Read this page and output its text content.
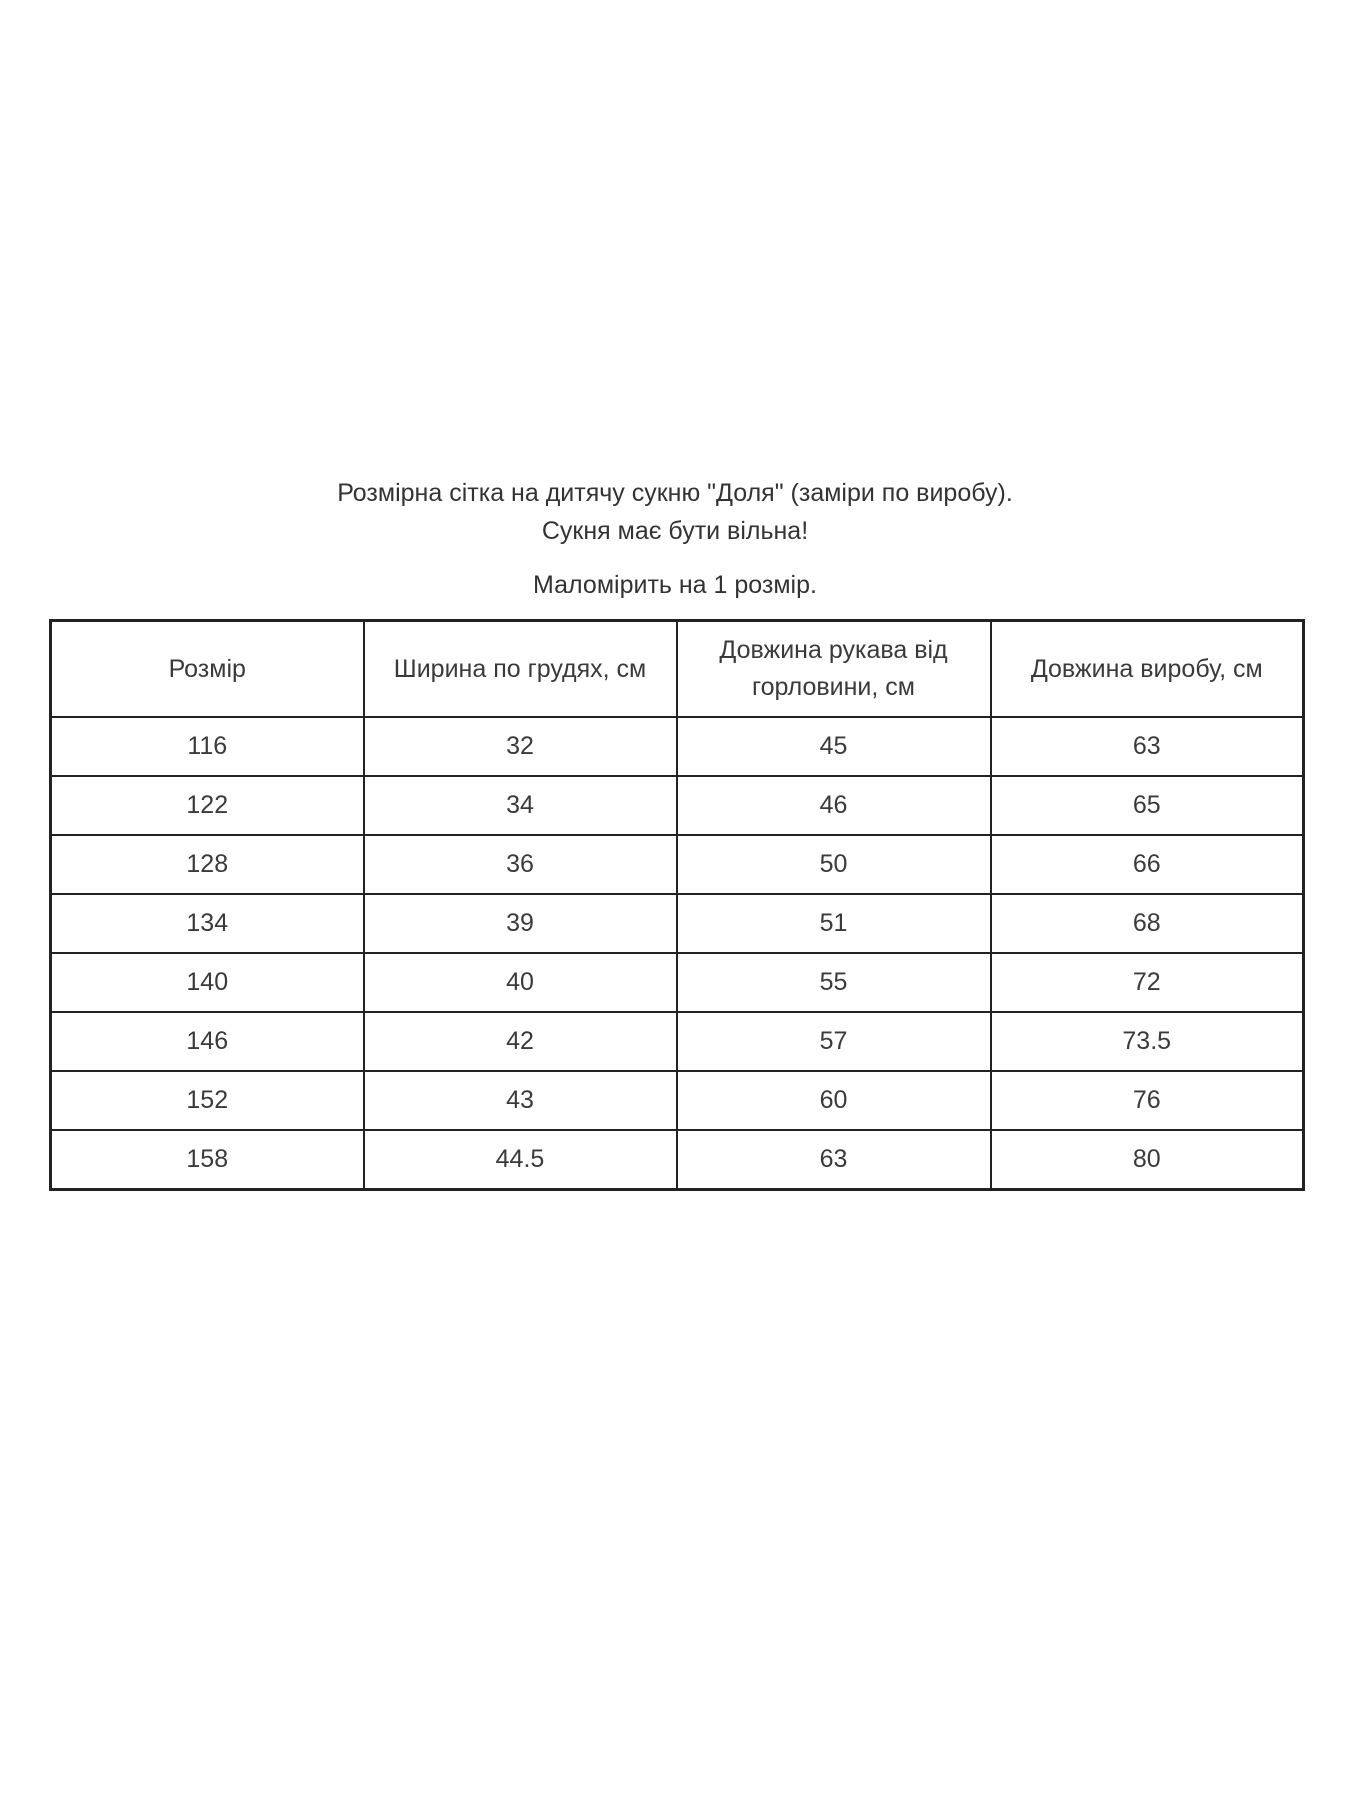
Розмірна сітка на дитячу сукню "Доля" (заміри по виробу).
Сукня має бути вільна!
Маломірить на 1 розмір.
Розмір	Ширина по грудях, см	Довжина рукава від горловини, см	Довжина виробу, см
116	32	45	63
122	34	46	65
128	36	50	66
134	39	51	68
140	40	55	72
146	42	57	73.5
152	43	60	76
158	44.5	63	80
